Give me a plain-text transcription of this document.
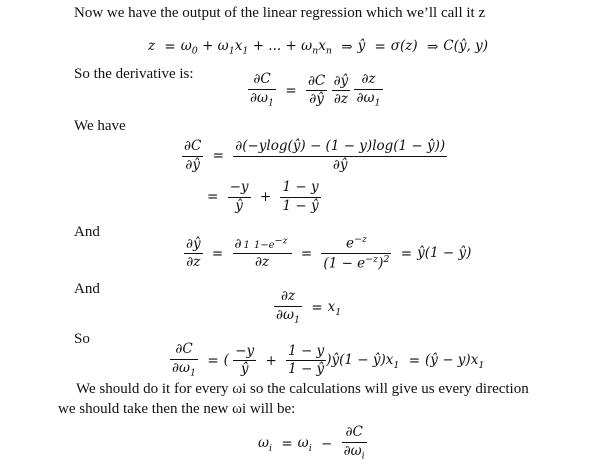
Now we have the output of the linear regression which we’ll call it z
$z = \omega_0 + \omega_1x_1$ + ... + $\omega_nx_n$ ⇒ ŷ = σ(z) ⇒ C(ŷ, y)
So the derivative is:	$\frac{\partial C}{\partial\omega_1} = \frac{\partial C}{\partial ŷ}$
$\frac{\partial ŷ}{\partial z}$
$\frac{\partial z}{\partial\omega_1}$
We have
$\frac{\partial C}{\partial ŷ} = \frac{\partial(-ylog(ŷ) - (1 - y)\log(1 - ŷ))}{\partial ŷ}$
= $\frac{-y}{ŷ} + \frac{1 - y}{1 - ŷ}$
And
$\frac{\partial ŷ}{\partial z} = \frac{\partial 1 1-e^{-z}}{\partial z} = \frac{e^{-z}}{(1 - e^{-z})^2}$ = ŷ(1 − ŷ)
And	$\frac{\partial z}{\partial\omega_1} = x_1$
So
$\frac{\partial C}{\partial\omega_1}$ = ( $\frac{-y}{ŷ} + \frac{1 - y}{1 - ŷ}$ )ŷ(1 − $ŷ)x_1$ = (ŷ − $y)x_1$
We should do it for every ωi so the calculations will give us every direction
we should take then the new ωi will be:
$\omega_i = \omega_i - \frac{\partial C}{\partial\omega_i}$
